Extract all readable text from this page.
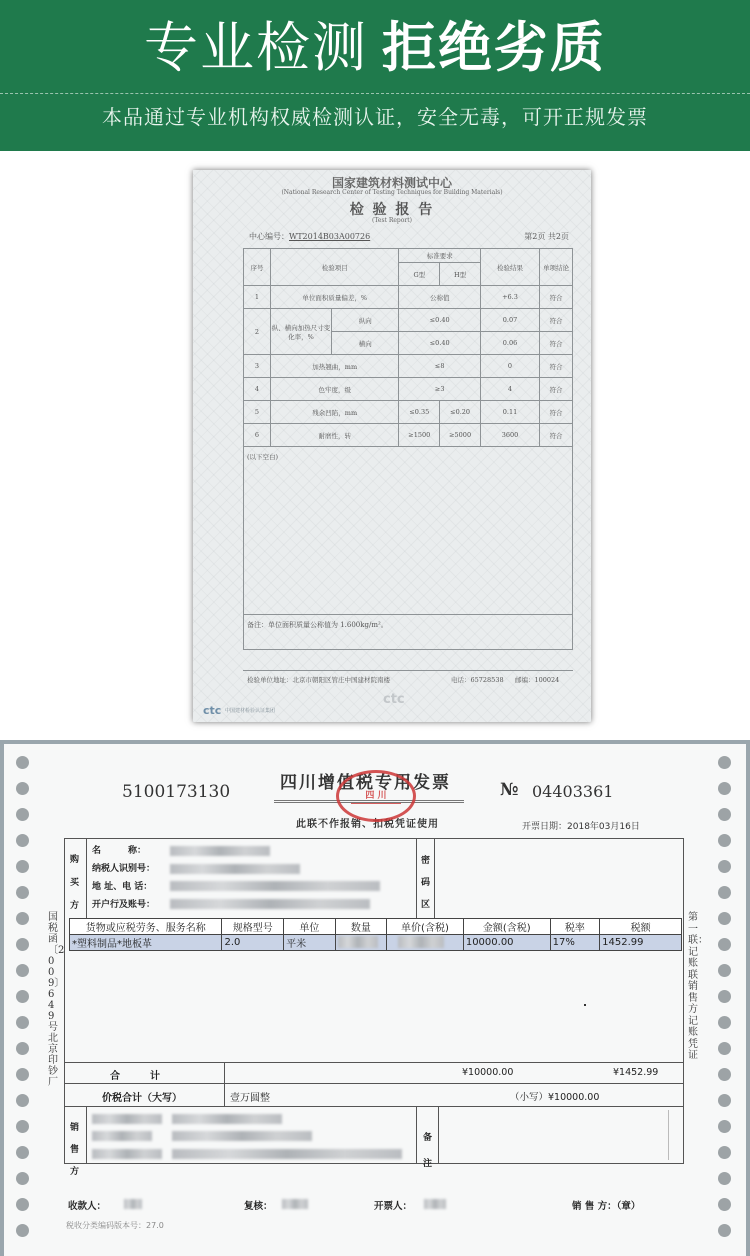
专业检测 拒绝劣质
本品通过专业机构权威检测认证，安全无毒，可开正规发票
国家建筑材料测试中心
(National Research Center of Testing Techniques for Building Materials)
检 验 报 告
(Test Report)
中心编号：WT2014B03A00726	第2页 共2页
序号	检验项目		标准要求		检验结果	单项结论
			G型	H型		
1	单位面积质量偏差，%		公称值		+6.3	符合
2	纵、横向加热尺寸变化率，%	纵向	≤0.40		0.07	符合
		横向	≤0.40		0.06	符合
3	加热翘曲，mm		≤8		0	符合
4	色牢度，级		≥3		4	符合
5	残余凹陷，mm		≤0.35	≤0.20	0.11	符合
6	耐磨性，转		≥1500	≥5000	3600	符合
(以下空白)
备注：单位面积质量公称值为 1.600kg/m²。
检验单位地址：北京市朝阳区管庄中国建材院南楼	电话：65728538 邮编：100024
ctc 中国建材检验认证集团
ctc
5100173130	四川增值税专用发票	№ 04403361
此联不作报销、扣税凭证使用	开票日期：2018年03月16日
四 川
国税函〔2009〕649号北京印钞厂
第一联：记账联 销售方记账凭证
购
买
方
名　　　称：
纳税人识别号：
地 址、电 话：
开户行及账号：
密
码
区
货物或应税劳务、服务名称	规格型号	单位	数量	单价(含税)	金额(含税)	税率	税额
*塑料制品*地板革	2.0	平米			10000.00	17%	1452.99
合　　　计	¥10000.00	¥1452.99
价税合计（大写）	壹万圆整	（小写）¥10000.00
销
售
方
备
注
收款人：	复核：	开票人：	销 售 方：（章）
税收分类编码版本号：27.0
